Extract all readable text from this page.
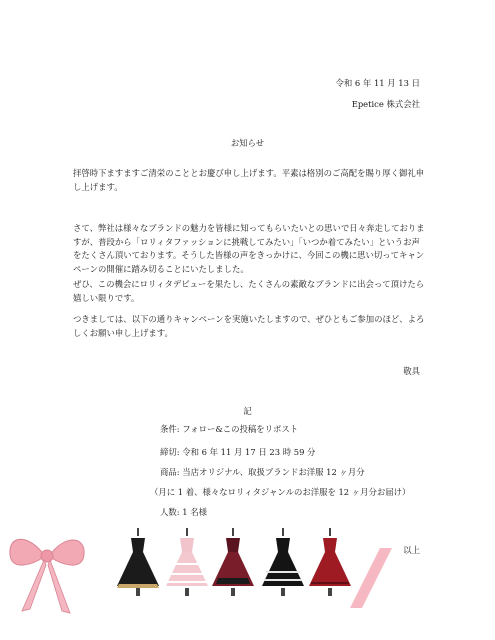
令和 6 年 11 月 13 日
Epetice 株式会社
お知らせ
拝啓時下ますますご清栄のこととお慶び申し上げます。平素は格別のご高配を賜り厚く御礼申し上げます。
さて、弊社は様々なブランドの魅力を皆様に知ってもらいたいとの思いで日々奔走しておりますが、普段から「ロリィタファッションに挑戦してみたい」「いつか着てみたい」というお声をたくさん頂いております。そうした皆様の声をきっかけに、今回この機に思い切ってキャンペーンの開催に踏み切ることにいたしました。
ぜひ、この機会にロリィタデビューを果たし、たくさんの素敵なブランドに出会って頂けたら嬉しい限りです。
つきましては、以下の通りキャンペーンを実施いたしますので、ぜひともご参加のほど、よろしくお願い申し上げます。
敬具
記
条件: フォロー&この投稿をリポスト
締切: 令和 6 年 11 月 17 日 23 時 59 分
商品: 当店オリジナル、取扱ブランドお洋服 12 ヶ月分
（月に 1 着、様々なロリィタジャンルのお洋服を 12 ヶ月分お届け）
人数: 1 名様
以上
